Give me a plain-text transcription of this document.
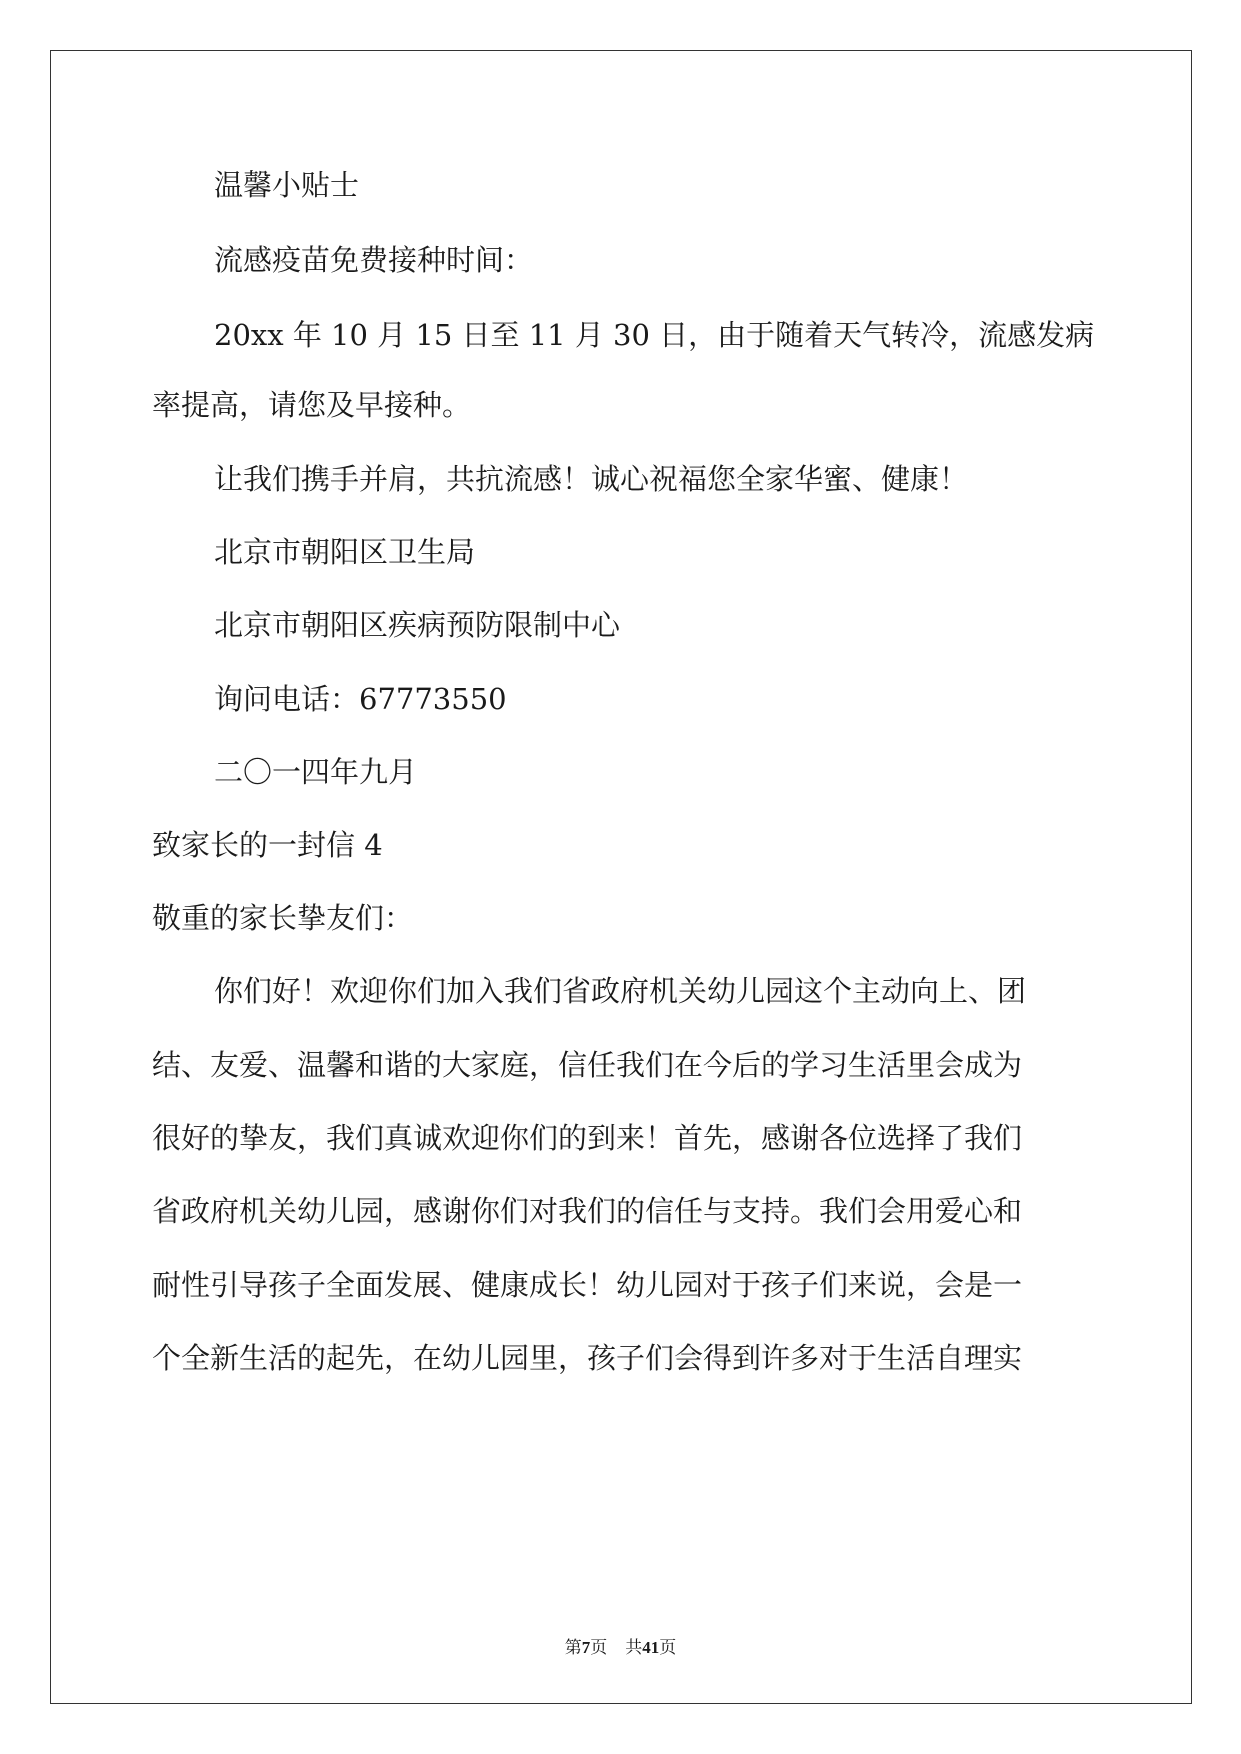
温馨小贴士
流感疫苗免费接种时间：
20xx 年 10 月 15 日至 11 月 30 日，由于随着天气转冷，流感发病
率提高，请您及早接种。
让我们携手并肩，共抗流感！诚心祝福您全家华蜜、健康！
北京市朝阳区卫生局
北京市朝阳区疾病预防限制中心
询问电话：67773550
二〇一四年九月
致家长的一封信 4
敬重的家长挚友们：
你们好！欢迎你们加入我们省政府机关幼儿园这个主动向上、团
结、友爱、温馨和谐的大家庭，信任我们在今后的学习生活里会成为
很好的挚友，我们真诚欢迎你们的到来！首先，感谢各位选择了我们
省政府机关幼儿园，感谢你们对我们的信任与支持。我们会用爱心和
耐性引导孩子全面发展、健康成长！幼儿园对于孩子们来说，会是一
个全新生活的起先，在幼儿园里，孩子们会得到许多对于生活自理实
第7页 共41页
